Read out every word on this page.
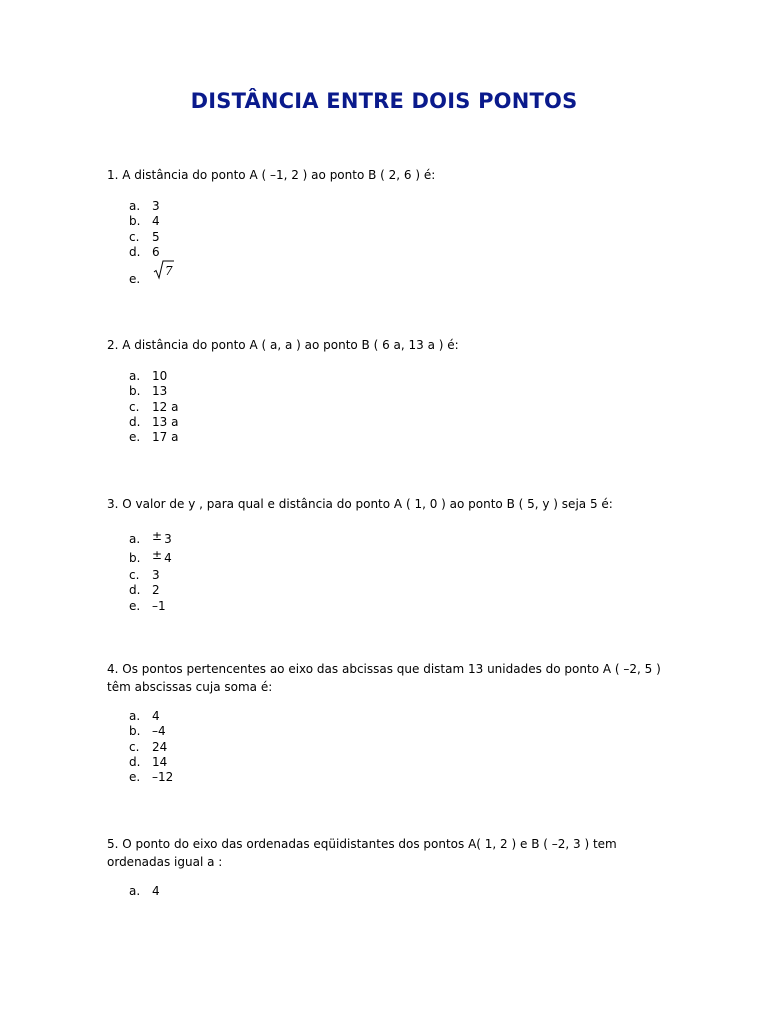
DISTÂNCIA ENTRE DOIS PONTOS
1. A distância do ponto A ( –1, 2 ) ao ponto B ( 2, 6 ) é:
a. 3
b. 4
c. 5
d. 6
e.
7
2. A distância do ponto A ( a, a ) ao ponto B ( 6 a, 13 a ) é:
a. 10
b. 13
c. 12 a
d. 13 a
e. 17 a
3. O valor de y , para qual e distância do ponto A ( 1, 0 ) ao ponto B ( 5, y ) seja 5 é:
a. ± 3
b. ± 4
c. 3
d. 2
e. –1
4. Os pontos pertencentes ao eixo das abcissas que distam 13 unidades do ponto A ( –2, 5 ) têm abscissas cuja soma é:
a. 4
b. –4
c. 24
d. 14
e. –12
5. O ponto do eixo das ordenadas eqüidistantes dos pontos A( 1, 2 ) e B ( –2, 3 ) tem ordenadas igual a :
a. 4
